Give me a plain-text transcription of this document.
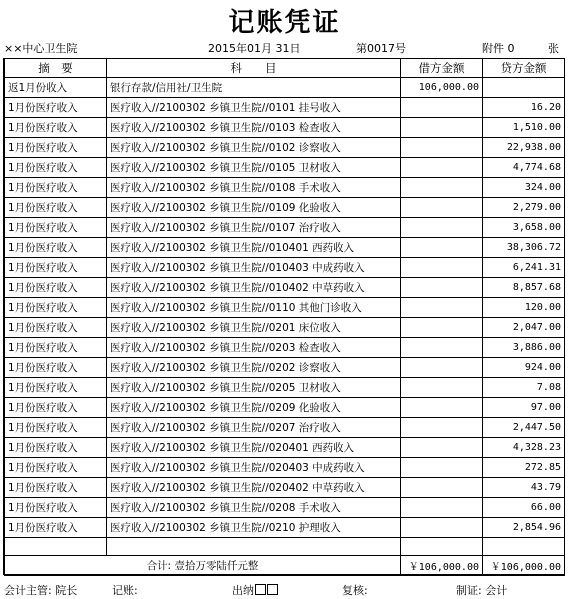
记账凭证
××中心卫生院	2015年01月 31日	第0017号	附件 0	张
摘　要	科　　目	借方金额	贷方金额
返1月份收入	银行存款/信用社/卫生院	106,000.00	
1月份医疗收入	医疗收入//2100302 乡镇卫生院//0101 挂号收入		16.20
1月份医疗收入	医疗收入//2100302 乡镇卫生院//0103 检查收入		1,510.00
1月份医疗收入	医疗收入//2100302 乡镇卫生院//0102 诊察收入		22,938.00
1月份医疗收入	医疗收入//2100302 乡镇卫生院//0105 卫材收入		4,774.68
1月份医疗收入	医疗收入//2100302 乡镇卫生院//0108 手术收入		324.00
1月份医疗收入	医疗收入//2100302 乡镇卫生院//0109 化验收入		2,279.00
1月份医疗收入	医疗收入//2100302 乡镇卫生院//0107 治疗收入		3,658.00
1月份医疗收入	医疗收入//2100302 乡镇卫生院//010401 西药收入		38,306.72
1月份医疗收入	医疗收入//2100302 乡镇卫生院//010403 中成药收入		6,241.31
1月份医疗收入	医疗收入//2100302 乡镇卫生院//010402 中草药收入		8,857.68
1月份医疗收入	医疗收入//2100302 乡镇卫生院//0110 其他门诊收入		120.00
1月份医疗收入	医疗收入//2100302 乡镇卫生院//0201 床位收入		2,047.00
1月份医疗收入	医疗收入//2100302 乡镇卫生院//0203 检查收入		3,886.00
1月份医疗收入	医疗收入//2100302 乡镇卫生院//0202 诊察收入		924.00
1月份医疗收入	医疗收入//2100302 乡镇卫生院//0205 卫材收入		7.08
1月份医疗收入	医疗收入//2100302 乡镇卫生院//0209 化验收入		97.00
1月份医疗收入	医疗收入//2100302 乡镇卫生院//0207 治疗收入		2,447.50
1月份医疗收入	医疗收入//2100302 乡镇卫生院//020401 西药收入		4,328.23
1月份医疗收入	医疗收入//2100302 乡镇卫生院//020403 中成药收入		272.85
1月份医疗收入	医疗收入//2100302 乡镇卫生院//020402 中草药收入		43.79
1月份医疗收入	医疗收入//2100302 乡镇卫生院//0208 手术收入		66.00
1月份医疗收入	医疗收入//2100302 乡镇卫生院//0210 护理收入		2,854.96

合计: 壹拾万零陆仟元整		￥106,000.00	￥106,000.00
会计主管: 院长	记账:	出纳	复核:	制证: 会计
